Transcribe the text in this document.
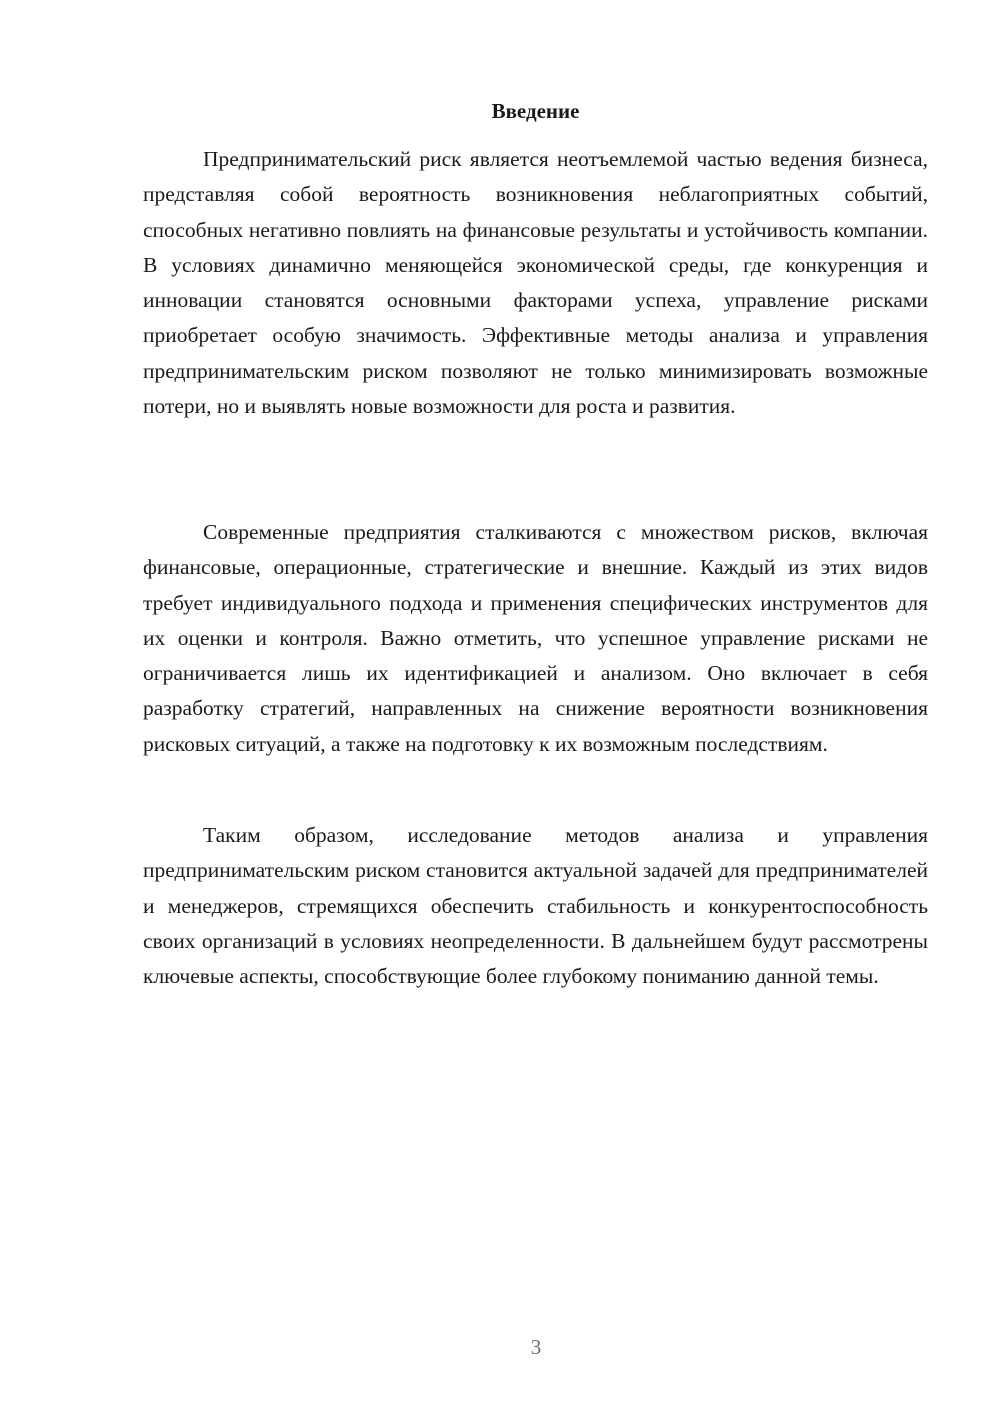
Введение

Предпринимательский риск является неотъемлемой частью ведения бизнеса, представляя собой вероятность возникновения неблагоприятных событий, способных негативно повлиять на финансовые результаты и устойчивость компании. В условиях динамично меняющейся экономической среды, где конкуренция и инновации становятся основными факторами успеха, управление рисками приобретает особую значимость. Эффективные методы анализа и управления предпринимательским риском позволяют не только минимизировать возможные потери, но и выявлять новые возможности для роста и развития.

Современные предприятия сталкиваются с множеством рисков, включая финансовые, операционные, стратегические и внешние. Каждый из этих видов требует индивидуального подхода и применения специфических инструментов для их оценки и контроля. Важно отметить, что успешное управление рисками не ограничивается лишь их идентификацией и анализом. Оно включает в себя разработку стратегий, направленных на снижение вероятности возникновения рисковых ситуаций, а также на подготовку к их возможным последствиям.

Таким образом, исследование методов анализа и управления предпринимательским риском становится актуальной задачей для предпринимателей и менеджеров, стремящихся обеспечить стабильность и конкурентоспособность своих организаций в условиях неопределенности. В дальнейшем будут рассмотрены ключевые аспекты, способствующие более глубокому пониманию данной темы.

3
